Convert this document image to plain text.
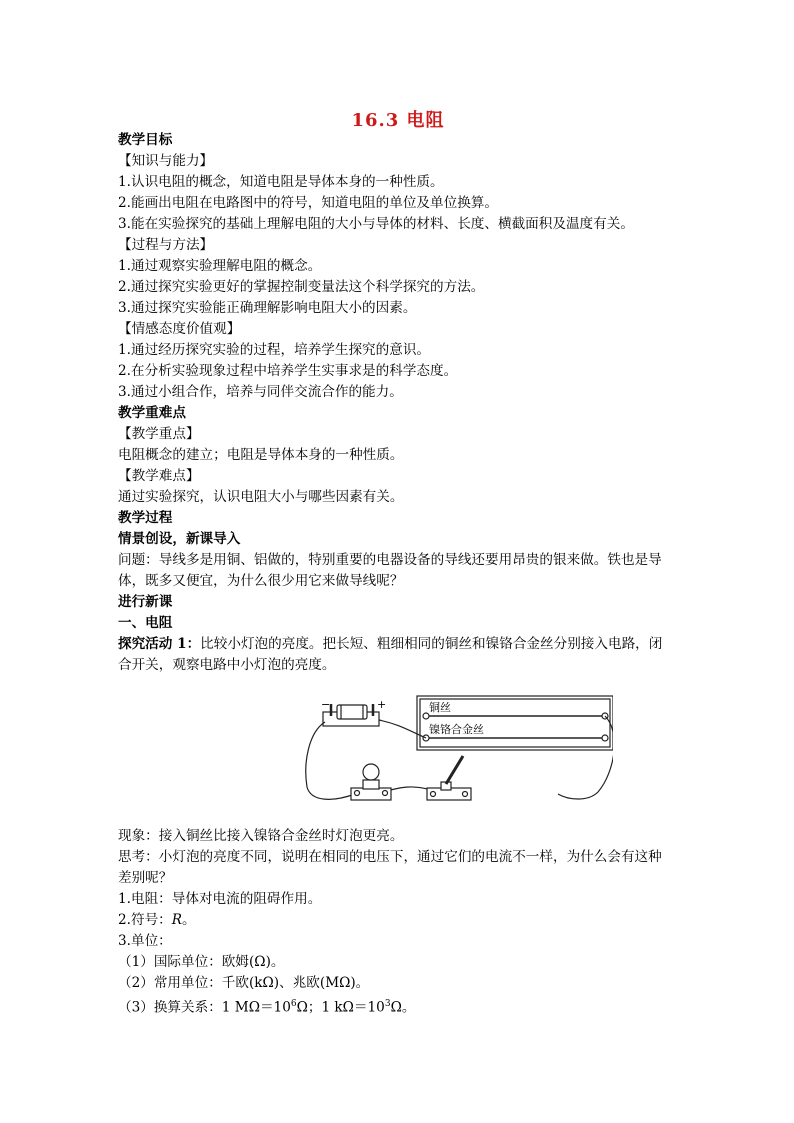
16.3 电阻
教学目标
【知识与能力】
1.认识电阻的概念，知道电阻是导体本身的一种性质。
2.能画出电阻在电路图中的符号，知道电阻的单位及单位换算。
3.能在实验探究的基础上理解电阻的大小与导体的材料、长度、横截面积及温度有关。
【过程与方法】
1.通过观察实验理解电阻的概念。
2.通过探究实验更好的掌握控制变量法这个科学探究的方法。
3.通过探究实验能正确理解影响电阻大小的因素。
【情感态度价值观】
1.通过经历探究实验的过程，培养学生探究的意识。
2.在分析实验现象过程中培养学生实事求是的科学态度。
3.通过小组合作，培养与同伴交流合作的能力。
教学重难点
【教学重点】
电阻概念的建立；电阻是导体本身的一种性质。
【教学难点】
通过实验探究，认识电阻大小与哪些因素有关。
教学过程
情景创设，新课导入
问题：导线多是用铜、铝做的，特别重要的电器设备的导线还要用昂贵的银来做。铁也是导
体，既多又便宜，为什么很少用它来做导线呢？
进行新课
一、电阻
探究活动 1：比较小灯泡的亮度。把长短、粗细相同的铜丝和镍铬合金丝分别接入电路，闭
合开关，观察电路中小灯泡的亮度。
−	+	铜丝
镍铬合金丝
现象：接入铜丝比接入镍铬合金丝时灯泡更亮。
思考：小灯泡的亮度不同，说明在相同的电压下，通过它们的电流不一样，为什么会有这种
差别呢？
1.电阻：导体对电流的阻碍作用。
2.符号：R。
3.单位：
（1）国际单位：欧姆(Ω)。
（2）常用单位：千欧(kΩ)、兆欧(MΩ)。
（3）换算关系：1 $M\Omega=10^6\Omega$；1 $k\Omega=10^3\Omega$。
